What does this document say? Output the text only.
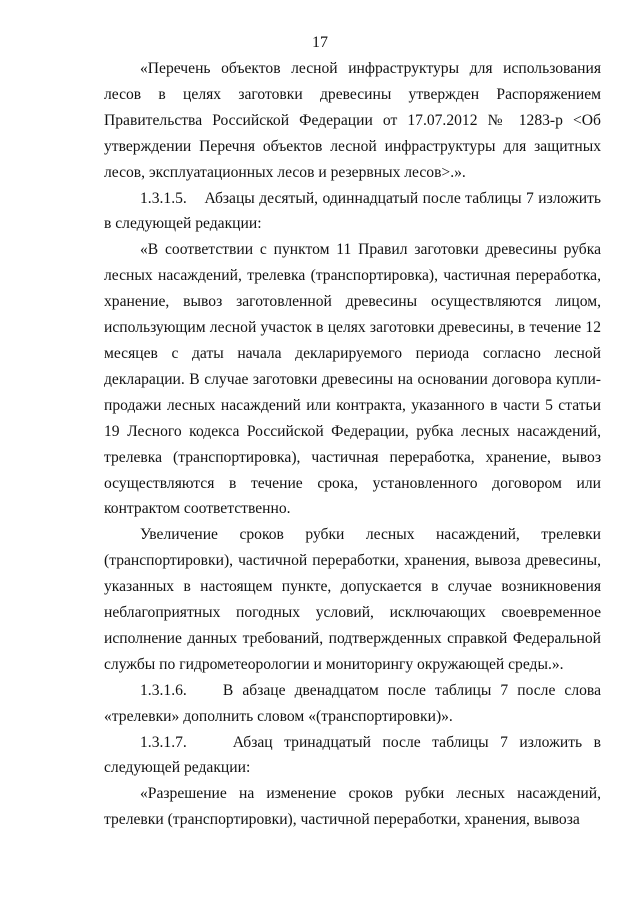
17

«Перечень объектов лесной инфраструктуры для использования лесов в целях заготовки древесины утвержден Распоряжением Правительства Российской Федерации от 17.07.2012 № 1283-р <Об утверждении Перечня объектов лесной инфраструктуры для защитных лесов, эксплуатационных лесов и резервных лесов>.».

1.3.1.5.    Абзацы десятый, одиннадцатый после таблицы 7 изложить в следующей редакции:

«В соответствии с пунктом 11 Правил заготовки древесины рубка лесных насаждений, трелевка (транспортировка), частичная переработка, хранение, вывоз заготовленной древесины осуществляются лицом, использующим лесной участок в целях заготовки древесины, в течение 12 месяцев с даты начала декларируемого периода согласно лесной декларации. В случае заготовки древесины на основании договора купли-продажи лесных насаждений или контракта, указанного в части 5 статьи 19 Лесного кодекса Российской Федерации, рубка лесных насаждений, трелевка (транспортировка), частичная переработка, хранение, вывоз осуществляются в течение срока, установленного договором или контрактом соответственно.

Увеличение сроков рубки лесных насаждений, трелевки (транспортировки), частичной переработки, хранения, вывоза древесины, указанных в настоящем пункте, допускается в случае возникновения неблагоприятных погодных условий, исключающих своевременное исполнение данных требований, подтвержденных справкой Федеральной службы по гидрометеорологии и мониторингу окружающей среды.».

1.3.1.6.    В абзаце двенадцатом после таблицы 7 после слова «трелевки» дополнить словом «(транспортировки)».

1.3.1.7.    Абзац тринадцатый после таблицы 7 изложить в следующей редакции:

«Разрешение на изменение сроков рубки лесных насаждений, трелевки (транспортировки), частичной переработки, хранения, вывоза
